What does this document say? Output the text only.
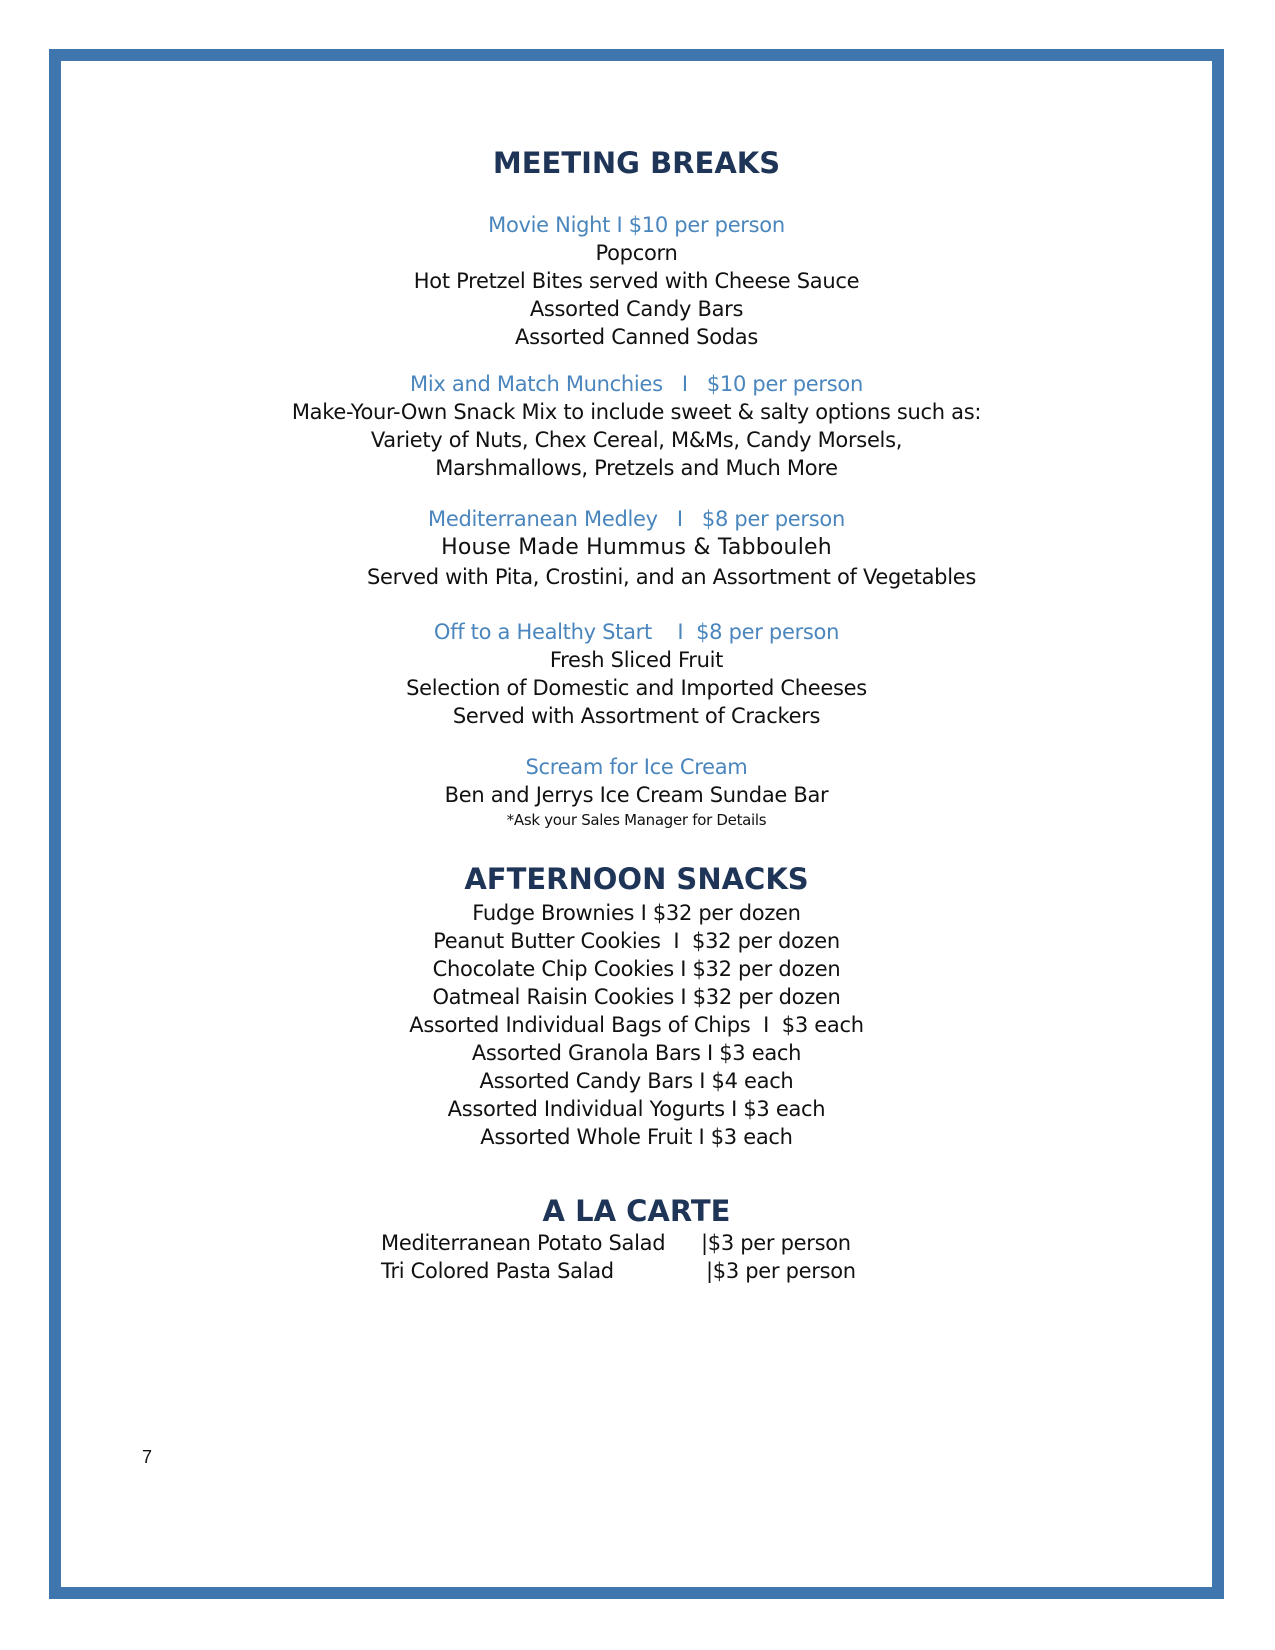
MEETING BREAKS
Movie Night I $10 per person
Popcorn
Hot Pretzel Bites served with Cheese Sauce
Assorted Candy Bars
Assorted Canned Sodas
Mix and Match Munchies   I   $10 per person
Make-Your-Own Snack Mix to include sweet & salty options such as:
Variety of Nuts, Chex Cereal, M&Ms, Candy Morsels,
Marshmallows, Pretzels and Much More
Mediterranean Medley   I   $8 per person
House Made Hummus & Tabbouleh
Served with Pita, Crostini, and an Assortment of Vegetables
Off to a Healthy Start    I  $8 per person
Fresh Sliced Fruit
Selection of Domestic and Imported Cheeses
Served with Assortment of Crackers
Scream for Ice Cream
Ben and Jerrys Ice Cream Sundae Bar
*Ask your Sales Manager for Details
AFTERNOON SNACKS
Fudge Brownies I $32 per dozen
Peanut Butter Cookies  I  $32 per dozen
Chocolate Chip Cookies I $32 per dozen
Oatmeal Raisin Cookies I $32 per dozen
Assorted Individual Bags of Chips  I  $3 each
Assorted Granola Bars I $3 each
Assorted Candy Bars I $4 each
Assorted Individual Yogurts I $3 each
Assorted Whole Fruit I $3 each
A LA CARTE
Mediterranean Potato Salad |$3 per person
Tri Colored Pasta Salad	|$3 per person
7
